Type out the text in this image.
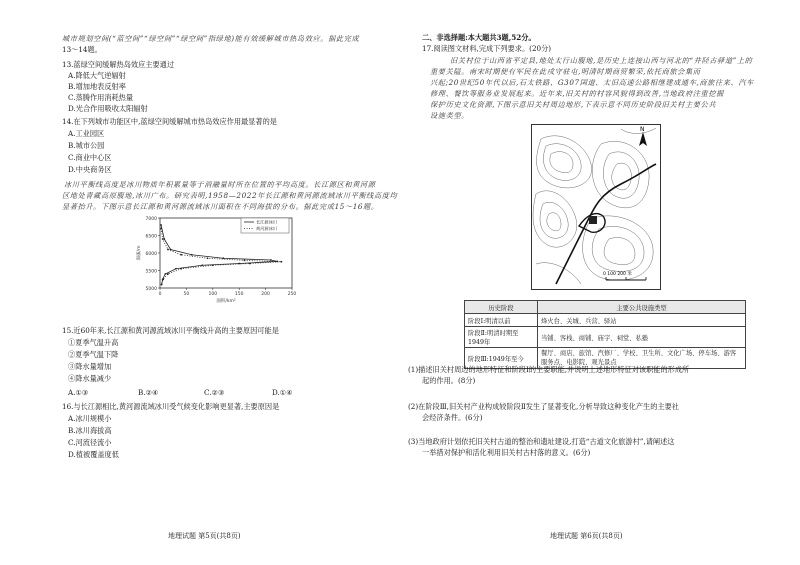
城市规划空间(“蓝空间”“绿空间”“绿空间”指绿地)能有效缓解城市热岛效应。据此完成
13～14题。
13.蓝绿空间缓解热岛效应主要通过
A.降低大气逆辐射
B.增加地表反射率
C.蒸腾作用消耗热量
D.光合作用吸收太阳辐射
14.在下列城市功能区中,蓝绿空间缓解城市热岛效应作用最显著的是
A.工业园区
B.城市公园
C.商业中心区
D.中央商务区
冰川平衡线高度是冰川物质年积累量等于消融量时所在位置的平均高度。长江源区和黄河源
区地处青藏高原腹地,冰川广布。研究表明,1958—2022年长江源和黄河源流域冰川平衡线高度均
显著抬升。下图示意长江源和黄河源流域冰川面积在不同海拔的分布。据此完成15～16题。
5000
5500
6000
6500
7000
0	50	100	150	200	250
面积/km²
海拔/m
长江源冰川
黄河源冰川
15.近60年来,长江源和黄河源流域冰川平衡线升高的主要原因可能是
①夏季气温升高
②夏季气温下降
③降水量增加
④降水量减少
A.①③	B.②④	C.②③	D.①④
16.与长江源相比,黄河源流域冰川受气候变化影响更显著,主要原因是
A.冰川规模小
B.冰川海拔高
C.河流径流小
D.植被覆盖度低
地理试题 第5页(共8页)
二、非选择题:本大题共3题,52分。
17.阅读图文材料,完成下列要求。(20分)
旧关村位于山西省平定县,地处太行山腹地,是历史上连接山西与河北的“井陉古驿道”上的
重要关隘。南宋时期便有军民在此戍守驻屯,明清时期商贸繁荣,依托商旅会集而
兴起;20世纪50年代以后,石太铁路、G307国道、太旧高速公路相继建成通车,商旅往来、汽车
修理、餐饮等服务业发展起来。近年来,旧关村的村容风貌得到改善,当地政府注重挖掘
保护历史文化资源,下图示意旧关村周边地形,下表示意不同历史阶段旧关村主要公共
设施类型。
N
0 100 200 米
历史阶段	主要公共设施类型
阶段Ⅰ:明清以前	烽火台、关城、兵营、驿站
阶段Ⅱ:明清时期至1949年	当铺、客栈、商铺、庙宇、祠堂、私塾
阶段Ⅲ:1949年至今	餐厅、商店、旅馆、汽修厂、学校、卫生所、文化广场、停车场、游客服务点、电影院、观光景点
(1)描述旧关村周边的地形特征和阶段Ⅰ的主要职能,并说明上述地形特征对该职能的形成所
起的作用。(8分)
(2)在阶段Ⅲ,旧关村产业构成较阶段Ⅱ发生了显著变化,分析导致这种变化产生的主要社
会经济条件。(6分)
(3)当地政府计划依托旧关村古道的整治和遗址建设,打造“古道文化旅游村”,请阐述这
一举措对保护和活化利用旧关村古村落的意义。(6分)
地理试题 第6页(共8页)
